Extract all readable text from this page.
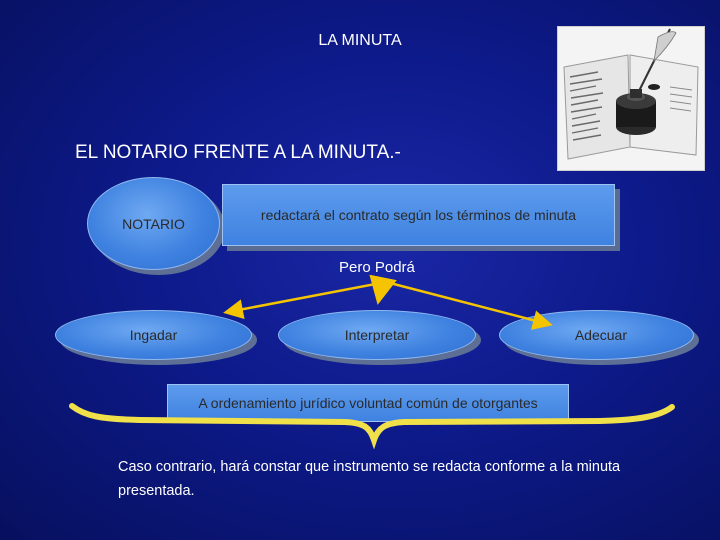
LA MINUTA
EL NOTARIO FRENTE A LA MINUTA.-
NOTARIO
redactará el contrato según los términos de minuta
Pero Podrá
Ingadar	Interpretar	Adecuar
A ordenamiento jurídico voluntad común de otorgantes
Caso contrario, hará constar que instrumento se redacta conforme a la minuta presentada.
